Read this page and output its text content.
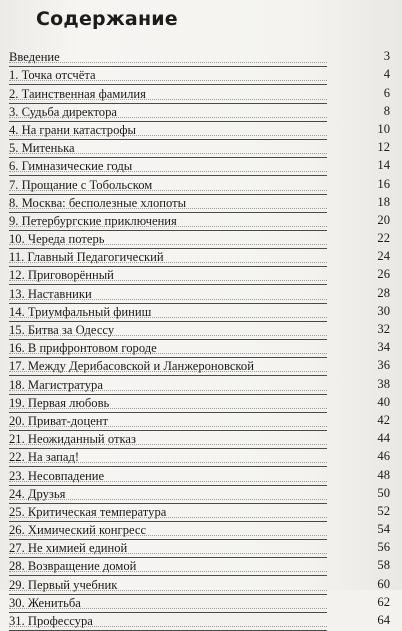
Содержание
Введение	3
1. Точка отсчёта	4
2. Таинственная фамилия	6
3. Судьба директора	8
4. На грани катастрофы	10
5. Митенька	12
6. Гимназические годы	14
7. Прощание с Тобольском	16
8. Москва: бесполезные хлопоты	18
9. Петербургские приключения	20
10. Череда потерь	22
11. Главный Педагогический	24
12. Приговорённый	26
13. Наставники	28
14. Триумфальный финиш	30
15. Битва за Одессу	32
16. В прифронтовом городе	34
17. Между Дерибасовской и Ланжероновской	36
18. Магистратура	38
19. Первая любовь	40
20. Приват-доцент	42
21. Неожиданный отказ	44
22. На запад!	46
23. Несовпадение	48
24. Друзья	50
25. Критическая температура	52
26. Химический конгресс	54
27. Не химией единой	56
28. Возвращение домой	58
29. Первый учебник	60
30. Женитьба	62
31. Профессура	64
